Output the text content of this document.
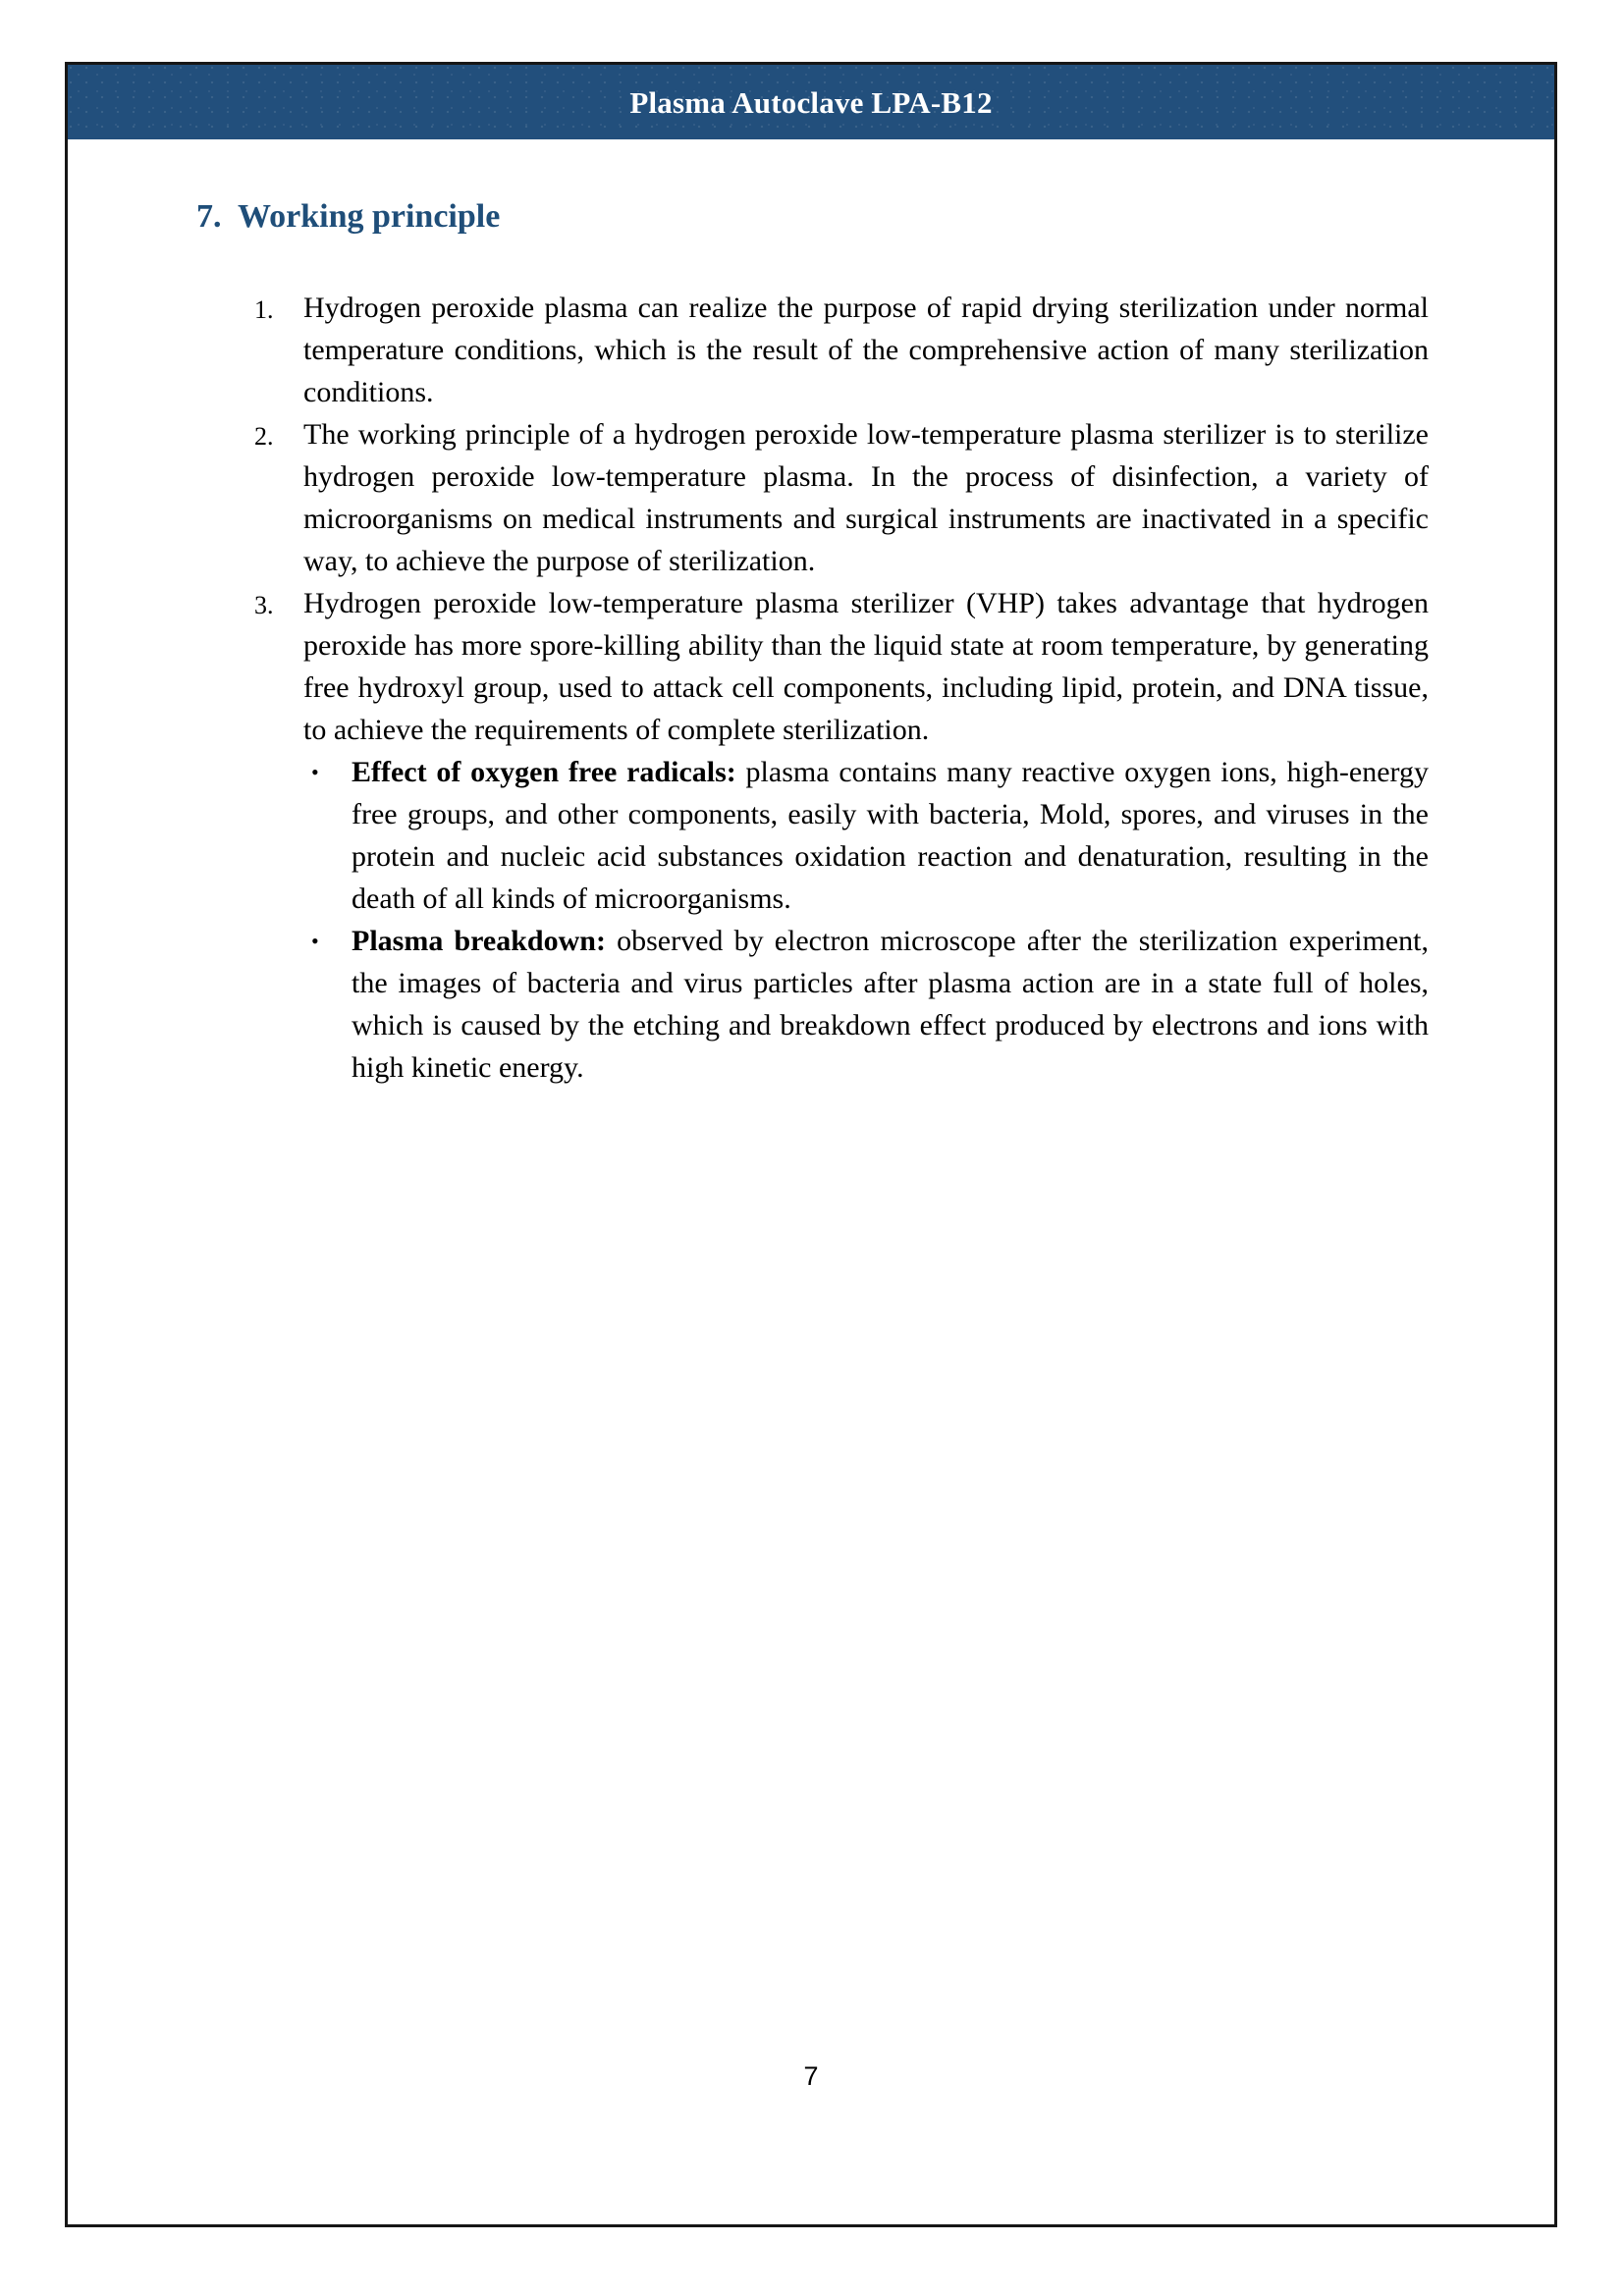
Plasma Autoclave LPA-B12
7. Working principle
1.	Hydrogen peroxide plasma can realize the purpose of rapid drying sterilization under normal temperature conditions, which is the result of the comprehensive action of many sterilization conditions.
2.	The working principle of a hydrogen peroxide low-temperature plasma sterilizer is to sterilize hydrogen peroxide low-temperature plasma. In the process of disinfection, a variety of microorganisms on medical instruments and surgical instruments are inactivated in a specific way, to achieve the purpose of sterilization.
3.	Hydrogen peroxide low-temperature plasma sterilizer (VHP) takes advantage that hydrogen peroxide has more spore-killing ability than the liquid state at room temperature, by generating free hydroxyl group, used to attack cell components, including lipid, protein, and DNA tissue, to achieve the requirements of complete sterilization.
•	Effect of oxygen free radicals: plasma contains many reactive oxygen ions, high-energy free groups, and other components, easily with bacteria, Mold, spores, and viruses in the protein and nucleic acid substances oxidation reaction and denaturation, resulting in the death of all kinds of microorganisms.
•	Plasma breakdown: observed by electron microscope after the sterilization experiment, the images of bacteria and virus particles after plasma action are in a state full of holes, which is caused by the etching and breakdown effect produced by electrons and ions with high kinetic energy.
7
